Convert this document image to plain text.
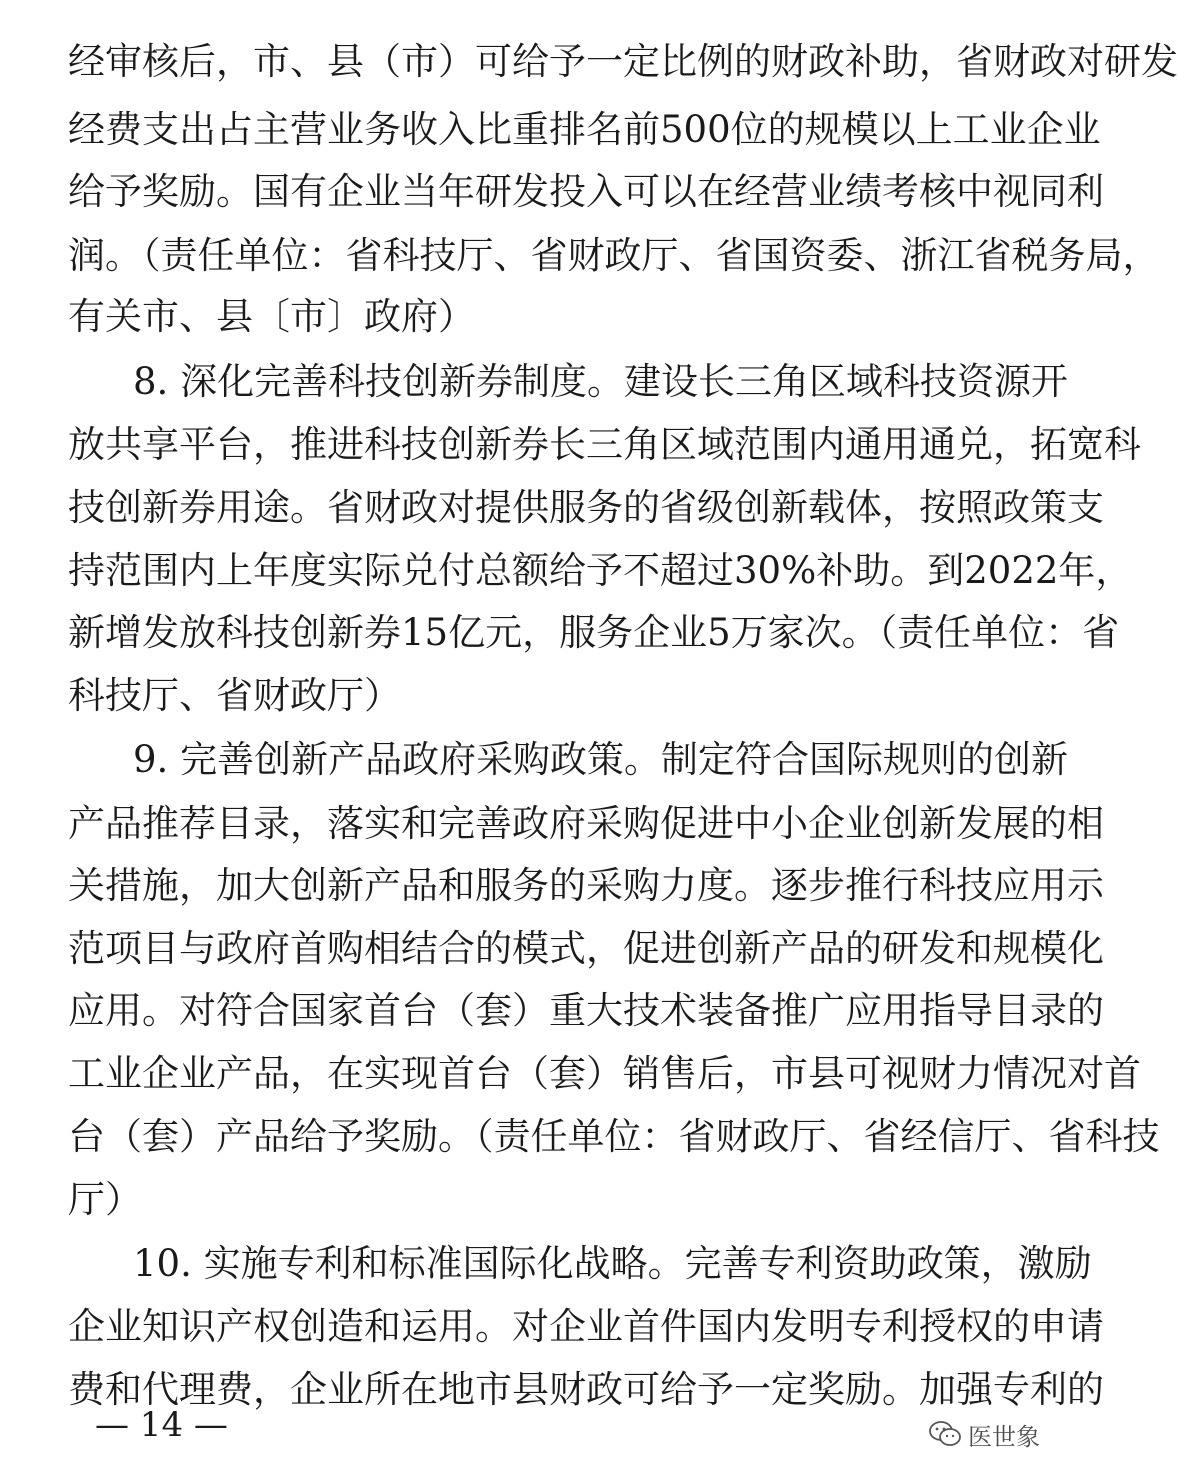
经审核后，市、县（市）可给予一定比例的财政补助，省财政对研发
经费支出占主营业务收入比重排名前500位的规模以上工业企业
给予奖励。国有企业当年研发投入可以在经营业绩考核中视同利
润。（责任单位：省科技厅、省财政厅、省国资委、浙江省税务局，
有关市、县〔市〕政府）
8. 深化完善科技创新券制度。建设长三角区域科技资源开
放共享平台，推进科技创新券长三角区域范围内通用通兑，拓宽科
技创新券用途。省财政对提供服务的省级创新载体，按照政策支
持范围内上年度实际兑付总额给予不超过30%补助。到2022年，
新增发放科技创新券15亿元，服务企业5万家次。（责任单位：省
科技厅、省财政厅）
9. 完善创新产品政府采购政策。制定符合国际规则的创新
产品推荐目录，落实和完善政府采购促进中小企业创新发展的相
关措施，加大创新产品和服务的采购力度。逐步推行科技应用示
范项目与政府首购相结合的模式，促进创新产品的研发和规模化
应用。对符合国家首台（套）重大技术装备推广应用指导目录的
工业企业产品，在实现首台（套）销售后，市县可视财力情况对首
台（套）产品给予奖励。（责任单位：省财政厅、省经信厅、省科技
厅）
10. 实施专利和标准国际化战略。完善专利资助政策，激励
企业知识产权创造和运用。对企业首件国内发明专利授权的申请
费和代理费，企业所在地市县财政可给予一定奖励。加强专利的
— 14 —	医世象
